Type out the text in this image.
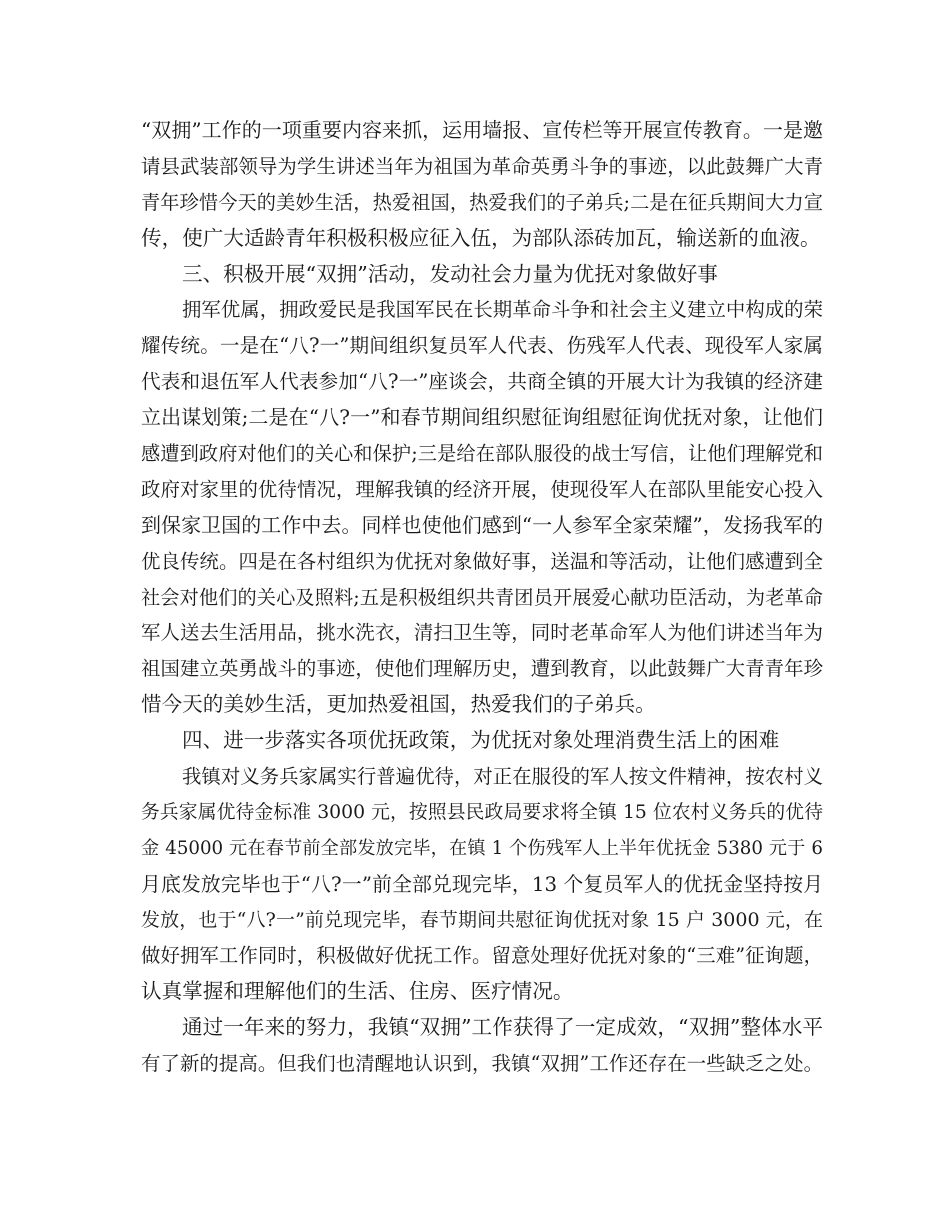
“双拥”工作的一项重要内容来抓，运用墙报、宣传栏等开展宣传教育。一是邀

请县武装部领导为学生讲述当年为祖国为革命英勇斗争的事迹，以此鼓舞广大青

青年珍惜今天的美妙生活，热爱祖国，热爱我们的子弟兵;二是在征兵期间大力宣

传，使广大适龄青年积极积极应征入伍，为部队添砖加瓦，输送新的血液。

三、积极开展“双拥”活动，发动社会力量为优抚对象做好事

拥军优属，拥政爱民是我国军民在长期革命斗争和社会主义建立中构成的荣

耀传统。一是在“八?一”期间组织复员军人代表、伤残军人代表、现役军人家属

代表和退伍军人代表参加“八?一”座谈会，共商全镇的开展大计为我镇的经济建

立出谋划策;二是在“八?一”和春节期间组织慰征询组慰征询优抚对象，让他们

感遭到政府对他们的关心和保护;三是给在部队服役的战士写信，让他们理解党和

政府对家里的优待情况，理解我镇的经济开展，使现役军人在部队里能安心投入

到保家卫国的工作中去。同样也使他们感到“一人参军全家荣耀”，发扬我军的

优良传统。四是在各村组织为优抚对象做好事，送温和等活动，让他们感遭到全

社会对他们的关心及照料;五是积极组织共青团员开展爱心献功臣活动，为老革命

军人送去生活用品，挑水洗衣，清扫卫生等，同时老革命军人为他们讲述当年为

祖国建立英勇战斗的事迹，使他们理解历史，遭到教育，以此鼓舞广大青青年珍

惜今天的美妙生活，更加热爱祖国，热爱我们的子弟兵。

四、进一步落实各项优抚政策，为优抚对象处理消费生活上的困难

我镇对义务兵家属实行普遍优待，对正在服役的军人按文件精神，按农村义

务兵家属优待金标准 3000 元，按照县民政局要求将全镇 15 位农村义务兵的优待

金 45000 元在春节前全部发放完毕，在镇 1 个伤残军人上半年优抚金 5380 元于 6

月底发放完毕也于“八?一”前全部兑现完毕，13 个复员军人的优抚金坚持按月

发放，也于“八?一”前兑现完毕，春节期间共慰征询优抚对象 15 户 3000 元，在

做好拥军工作同时，积极做好优抚工作。留意处理好优抚对象的“三难”征询题，

认真掌握和理解他们的生活、住房、医疗情况。

通过一年来的努力，我镇“双拥”工作获得了一定成效，“双拥”整体水平

有了新的提高。但我们也清醒地认识到，我镇“双拥”工作还存在一些缺乏之处。
